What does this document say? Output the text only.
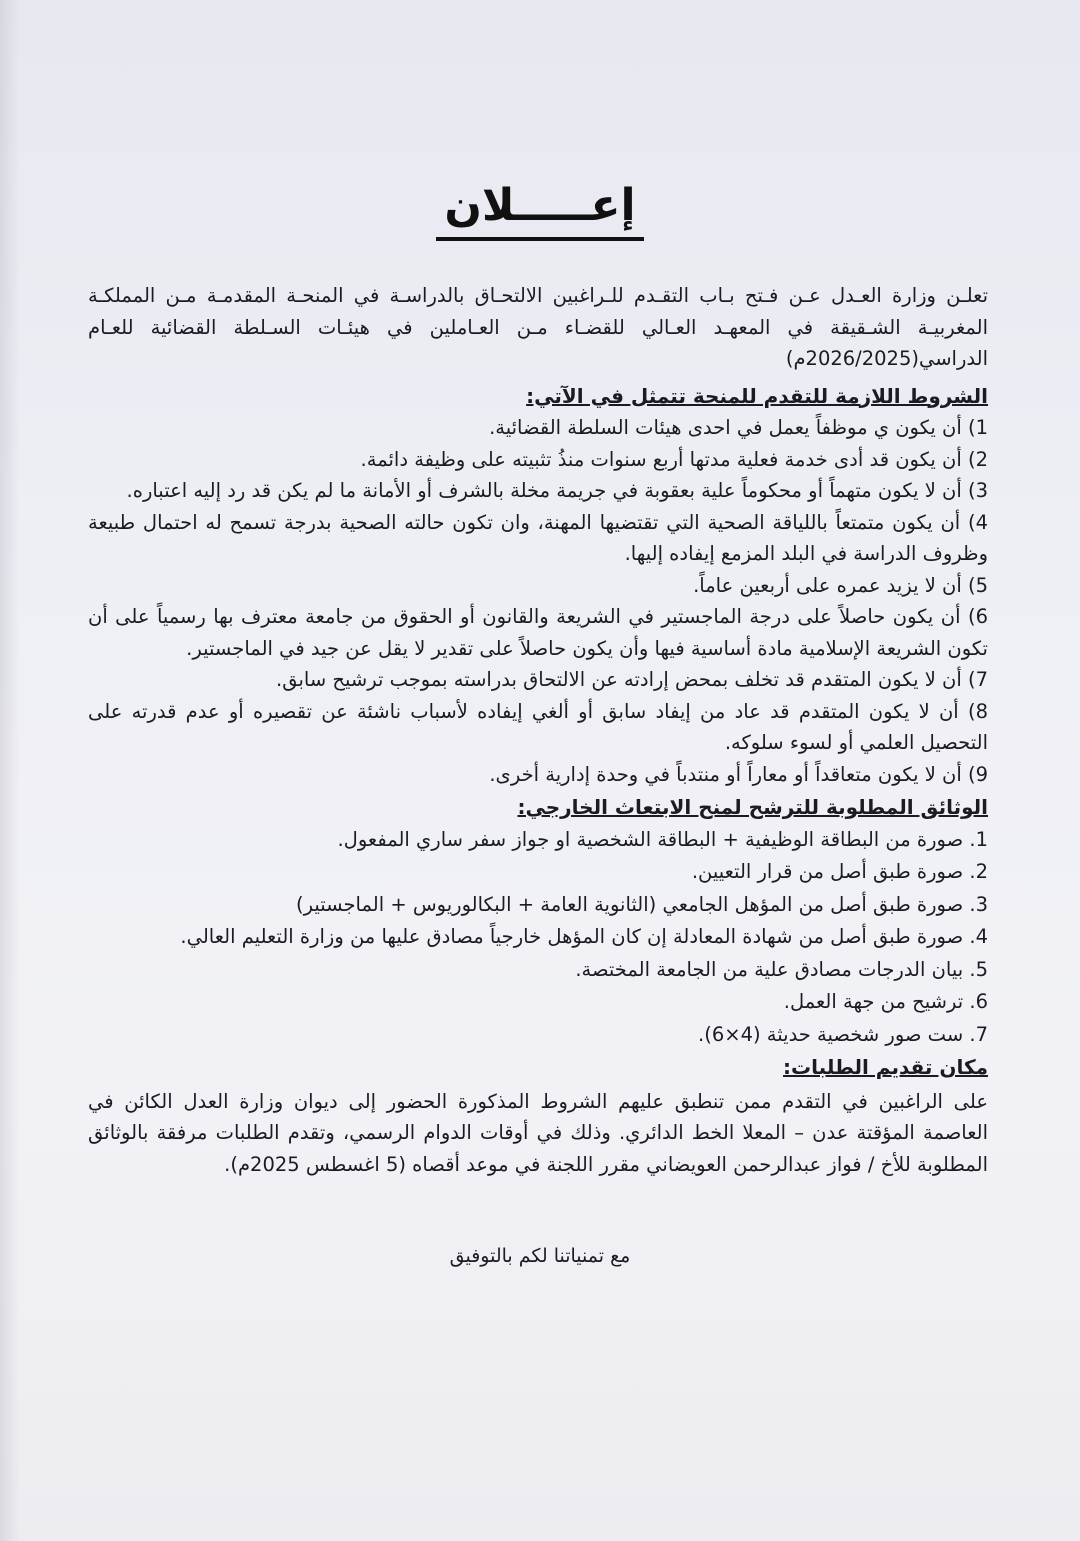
إعـــــلان

تعلـن وزارة العـدل عـن فـتح بـاب التقـدم للـراغبين الالتحـاق بالدراسـة في المنحـة المقدمـة مـن المملكـة المغربيـة الشـقيقة في المعهـد العـالي للقضـاء مـن العـاملين في هيئـات السـلطة القضائية للعـام الدراسي(2026/2025م)

الشروط اللازمة للتقدم للمنحة تتمثل في الآتي:
1) أن يكون ي موظفاً يعمل في احدى هيئات السلطة القضائية.
2) أن يكون قد أدى خدمة فعلية مدتها أربع سنوات منذُ تثبيته على وظيفة دائمة.
3) أن لا يكون متهماً أو محكوماً علية بعقوبة في جريمة مخلة بالشرف أو الأمانة ما لم يكن قد رد إليه اعتباره.
4) أن يكون متمتعاً باللياقة الصحية التي تقتضيها المهنة، وان تكون حالته الصحية بدرجة تسمح له احتمال طبيعة وظروف الدراسة في البلد المزمع إيفاده إليها.
5) أن لا يزيد عمره على أربعين عاماً.
6) أن يكون حاصلاً على درجة الماجستير في الشريعة والقانون أو الحقوق من جامعة معترف بها رسمياً على أن تكون الشريعة الإسلامية مادة أساسية فيها وأن يكون حاصلاً على تقدير لا يقل عن جيد في الماجستير.
7) أن لا يكون المتقدم قد تخلف بمحض إرادته عن الالتحاق بدراسته بموجب ترشيح سابق.
8) أن لا يكون المتقدم قد عاد من إيفاد سابق أو ألغي إيفاده لأسباب ناشئة عن تقصيره أو عدم قدرته على التحصيل العلمي أو لسوء سلوكه.
9) أن لا يكون متعاقداً أو معاراً أو منتدباً في وحدة إدارية أخرى.
الوثائق المطلوبة للترشح لمنح الابتعاث الخارجي:
1. صورة من البطاقة الوظيفية + البطاقة الشخصية او جواز سفر ساري المفعول.
2. صورة طبق أصل من قرار التعيين.
3. صورة طبق أصل من المؤهل الجامعي (الثانوية العامة + البكالوريوس + الماجستير)
4. صورة طبق أصل من شهادة المعادلة إن كان المؤهل خارجياً مصادق عليها من وزارة التعليم العالي.
5. بيان الدرجات مصادق علية من الجامعة المختصة.
6. ترشيح من جهة العمل.
7. ست صور شخصية حديثة (4×6).
مكان تقديم الطلبات:

على الراغبين في التقدم ممن تنطبق عليهم الشروط المذكورة الحضور إلى ديوان وزارة العدل الكائن في العاصمة المؤقتة عدن – المعلا الخط الدائري. وذلك في أوقات الدوام الرسمي، وتقدم الطلبات مرفقة بالوثائق المطلوبة للأخ / فواز عبدالرحمن العويضاني مقرر اللجنة في موعد أقصاه (5 اغسطس 2025م).

مع تمنياتنا لكم بالتوفيق
